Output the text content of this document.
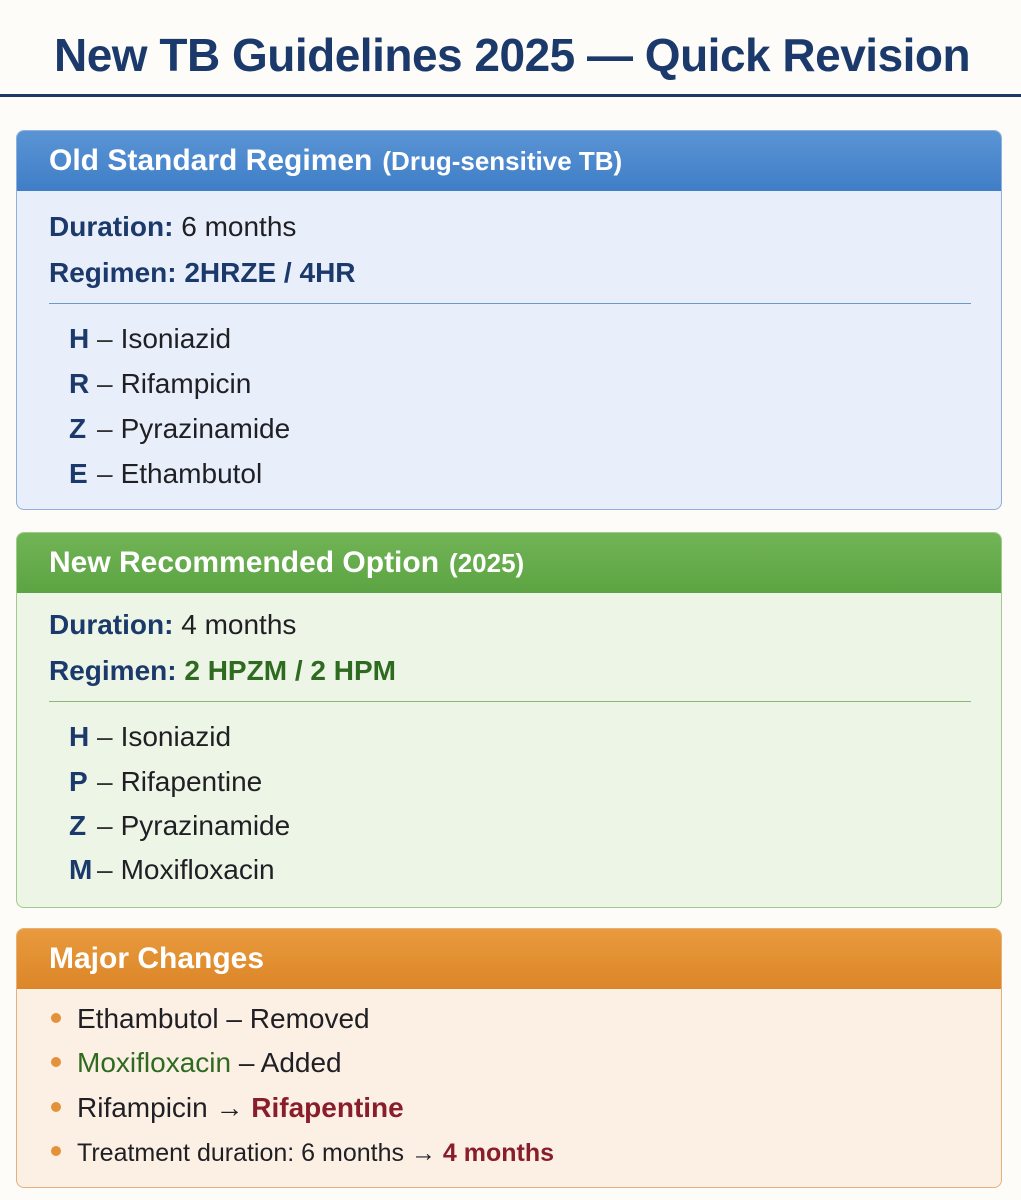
New TB Guidelines 2025 — Quick Revision
Old Standard Regimen (Drug-sensitive TB)
Duration: 6 months
Regimen: 2HRZE / 4HR
H – Isoniazid
R – Rifampicin
Z – Pyrazinamide
E – Ethambutol
New Recommended Option (2025)
Duration: 4 months
Regimen: 2 HPZM / 2 HPM
H – Isoniazid
P – Rifapentine
Z – Pyrazinamide
M – Moxifloxacin
Major Changes
Ethambutol – Removed
Moxifloxacin – Added
Rifampicin → Rifapentine
Treatment duration: 6 months → 4 months
